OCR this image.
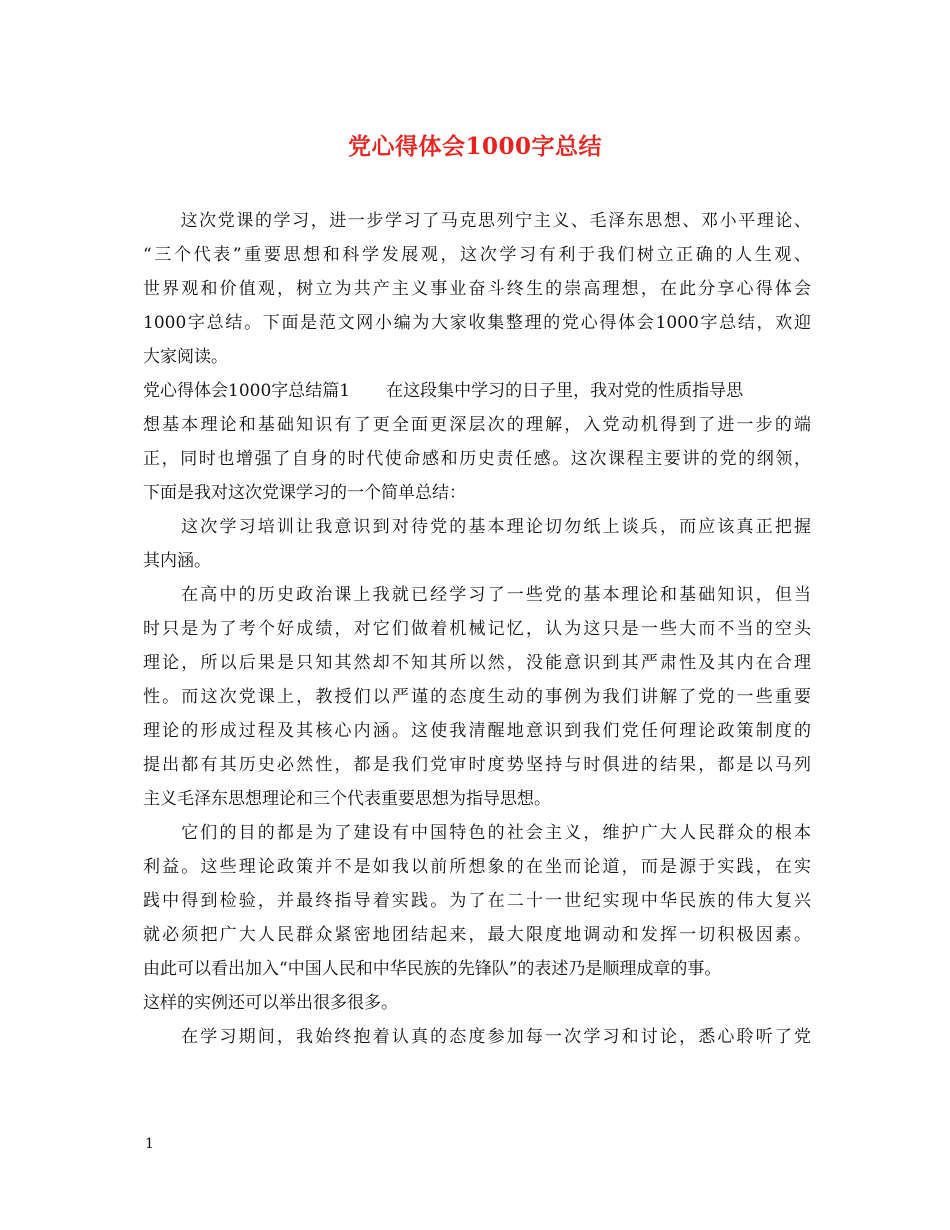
党心得体会1000字总结
这次党课的学习，进一步学习了马克思列宁主义、毛泽东思想、邓小平理论、
“三个代表”重要思想和科学发展观，这次学习有利于我们树立正确的人生观、
世界观和价值观，树立为共产主义事业奋斗终生的崇高理想，在此分享心得体会
1000字总结。下面是范文网小编为大家收集整理的党心得体会1000字总结，欢迎
大家阅读。
党心得体会1000字总结篇1 在这段集中学习的日子里，我对党的性质指导思
想基本理论和基础知识有了更全面更深层次的理解，入党动机得到了进一步的端
正，同时也增强了自身的时代使命感和历史责任感。这次课程主要讲的党的纲领，
下面是我对这次党课学习的一个简单总结：
这次学习培训让我意识到对待党的基本理论切勿纸上谈兵，而应该真正把握
其内涵。
在高中的历史政治课上我就已经学习了一些党的基本理论和基础知识，但当
时只是为了考个好成绩，对它们做着机械记忆，认为这只是一些大而不当的空头
理论，所以后果是只知其然却不知其所以然，没能意识到其严肃性及其内在合理
性。而这次党课上，教授们以严谨的态度生动的事例为我们讲解了党的一些重要
理论的形成过程及其核心内涵。这使我清醒地意识到我们党任何理论政策制度的
提出都有其历史必然性，都是我们党审时度势坚持与时俱进的结果，都是以马列
主义毛泽东思想理论和三个代表重要思想为指导思想。
它们的目的都是为了建设有中国特色的社会主义，维护广大人民群众的根本
利益。这些理论政策并不是如我以前所想象的在坐而论道，而是源于实践，在实
践中得到检验，并最终指导着实践。为了在二十一世纪实现中华民族的伟大复兴
就必须把广大人民群众紧密地团结起来，最大限度地调动和发挥一切积极因素。
由此可以看出加入“中国人民和中华民族的先锋队”的表述乃是顺理成章的事。
这样的实例还可以举出很多很多。
在学习期间，我始终抱着认真的态度参加每一次学习和讨论，悉心聆听了党
1
